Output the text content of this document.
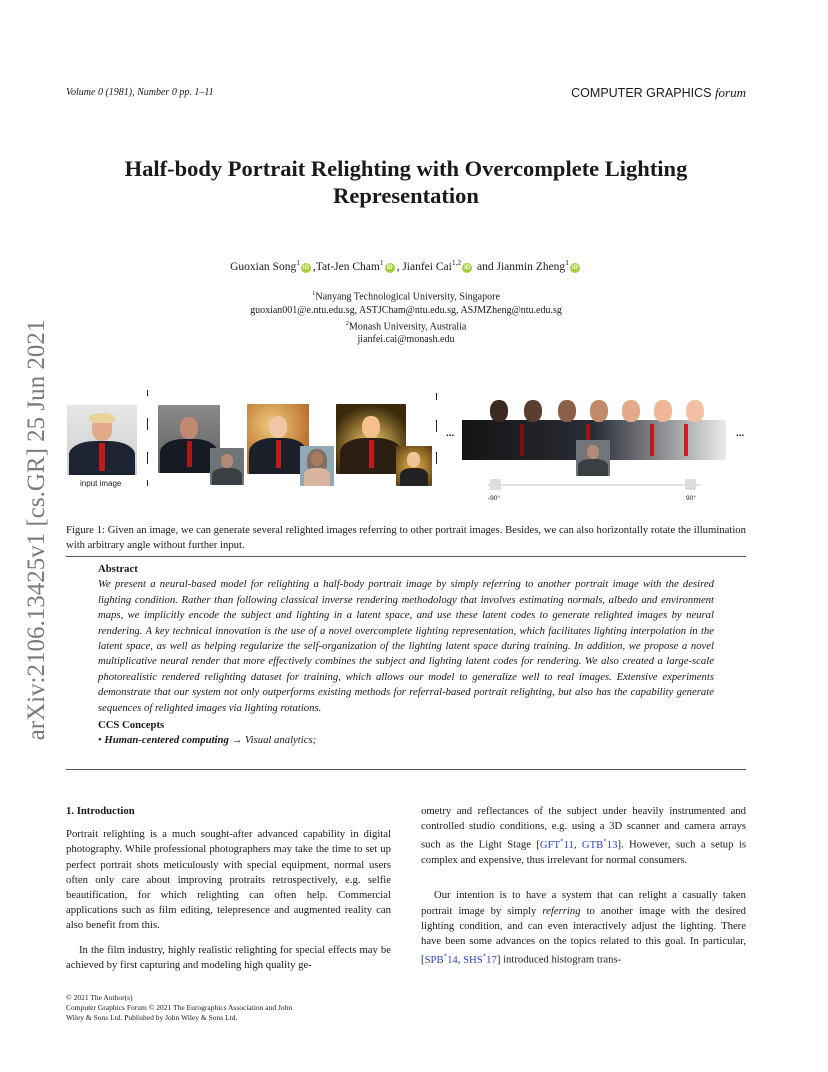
Volume 0 (1981), Number 0 pp. 1–11	COMPUTER GRAPHICS forum
Half-body Portrait Relighting with Overcomplete Lighting
Representation
Guoxian Song$^1$iD ,Tat-Jen Cham$^1$iD , Jianfei Cai$^{1,2}$iD and Jianmin Zheng$^1$iD
$^1$Nanyang Technological University, Singapore
guoxian001@e.ntu.edu.sg, ASTJCham@ntu.edu.sg, ASJMZheng@ntu.edu.sg
$^2$Monash University, Australia
jianfei.cai@monash.edu
arXiv:2106.13425v1 [cs.GR] 25 Jun 2021	input image
...	...
-90°	90°
Figure 1: Given an image, we can generate several relighted images referring to other portrait images. Besides, we can also horizontally rotate the illumination with arbitrary angle without further input.
Abstract
We present a neural-based model for relighting a half-body portrait image by simply referring to another portrait image with the desired lighting condition. Rather than following classical inverse rendering methodology that involves estimating normals, albedo and environment maps, we implicitly encode the subject and lighting in a latent space, and use these latent codes to generate relighted images by neural rendering. A key technical innovation is the use of a novel overcomplete lighting representation, which facilitates lighting interpolation in the latent space, as well as helping regularize the self-organization of the lighting latent space during training. In addition, we propose a novel multiplicative neural render that more effectively combines the subject and lighting latent codes for rendering. We also created a large-scale photorealistic rendered relighting dataset for training, which allows our model to generalize well to real images. Extensive experiments demonstrate that our system not only outperforms existing methods for referral-based portrait relighting, but also has the capability generate sequences of relighted images via lighting rotations.
CCS Concepts
• Human-centered computing → Visual analytics;
1. Introduction

Portrait relighting is a much sought-after advanced capability in digital photography. While professional photographers may take the time to set up perfect portrait shots meticulously with special equipment, normal users often only care about improving protraits retrospectively, e.g. selfie beautification, for which relighting can often help. Commercial applications such as film editing, telepresence and augmented reality can also benefit from this.

In the film industry, highly realistic relighting for special effects may be achieved by first capturing and modeling high quality ge-

ometry and reflectances of the subject under heavily instrumented and controlled studio conditions, e.g. using a 3D scanner and camera arrays such as the Light Stage [GFT*11, GTB*13]. However, such a setup is complex and expensive, thus irrelevant for normal consumers.

Our intention is to have a system that can relight a casually taken portrait image by simply referring to another image with the desired lighting condition, and can even interactively adjust the lighting. There have been some advances on the topics related to this goal. In particular, [SPB*14, SHS*17] introduced histogram trans-

© 2021 The Author(s)
Computer Graphics Forum © 2021 The Eurographics Association and John
Wiley & Sons Ltd. Published by John Wiley & Sons Ltd.
